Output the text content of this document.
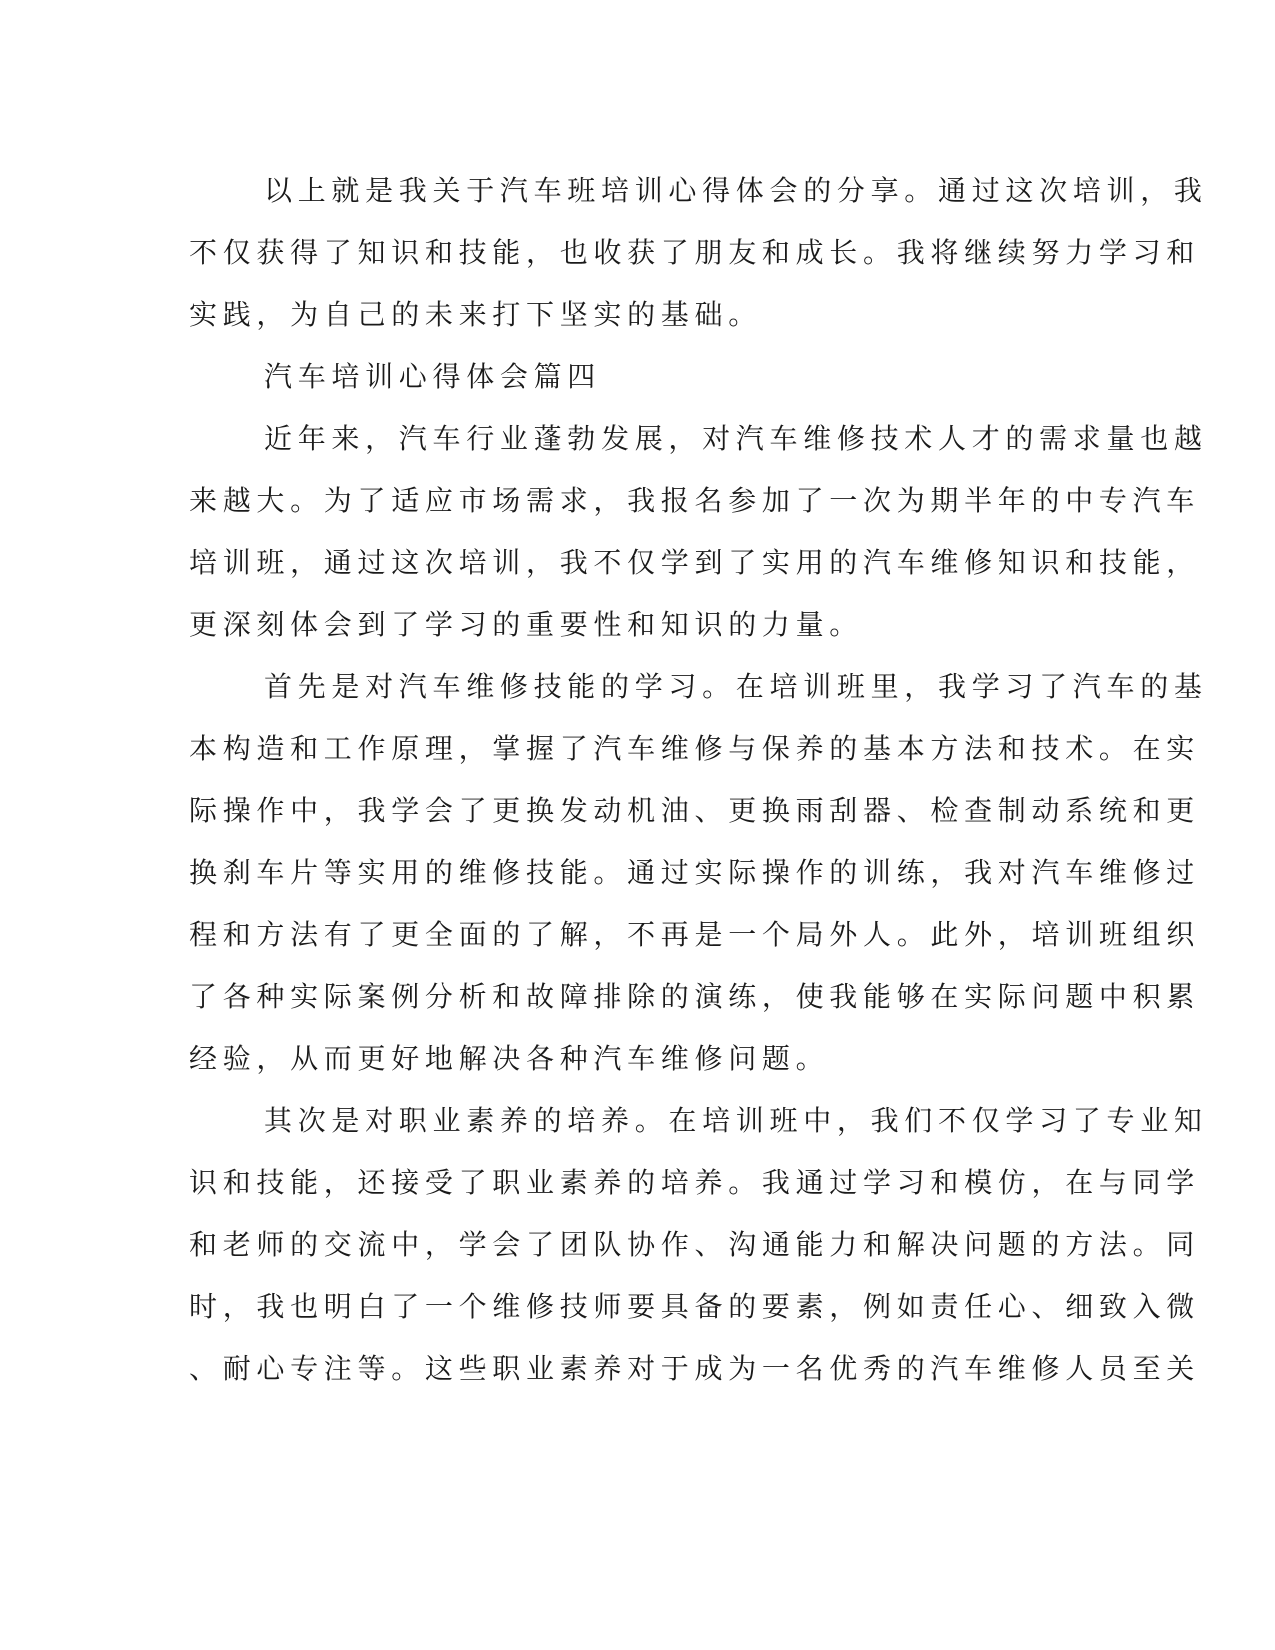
以上就是我关于汽车班培训心得体会的分享。通过这次培训，我
不仅获得了知识和技能，也收获了朋友和成长。我将继续努力学习和
实践，为自己的未来打下坚实的基础。
汽车培训心得体会篇四
近年来，汽车行业蓬勃发展，对汽车维修技术人才的需求量也越
来越大。为了适应市场需求，我报名参加了一次为期半年的中专汽车
培训班，通过这次培训，我不仅学到了实用的汽车维修知识和技能，
更深刻体会到了学习的重要性和知识的力量。
首先是对汽车维修技能的学习。在培训班里，我学习了汽车的基
本构造和工作原理，掌握了汽车维修与保养的基本方法和技术。在实
际操作中，我学会了更换发动机油、更换雨刮器、检查制动系统和更
换刹车片等实用的维修技能。通过实际操作的训练，我对汽车维修过
程和方法有了更全面的了解，不再是一个局外人。此外，培训班组织
了各种实际案例分析和故障排除的演练，使我能够在实际问题中积累
经验，从而更好地解决各种汽车维修问题。
其次是对职业素养的培养。在培训班中，我们不仅学习了专业知
识和技能，还接受了职业素养的培养。我通过学习和模仿，在与同学
和老师的交流中，学会了团队协作、沟通能力和解决问题的方法。同
时，我也明白了一个维修技师要具备的要素，例如责任心、细致入微
、耐心专注等。这些职业素养对于成为一名优秀的汽车维修人员至关
